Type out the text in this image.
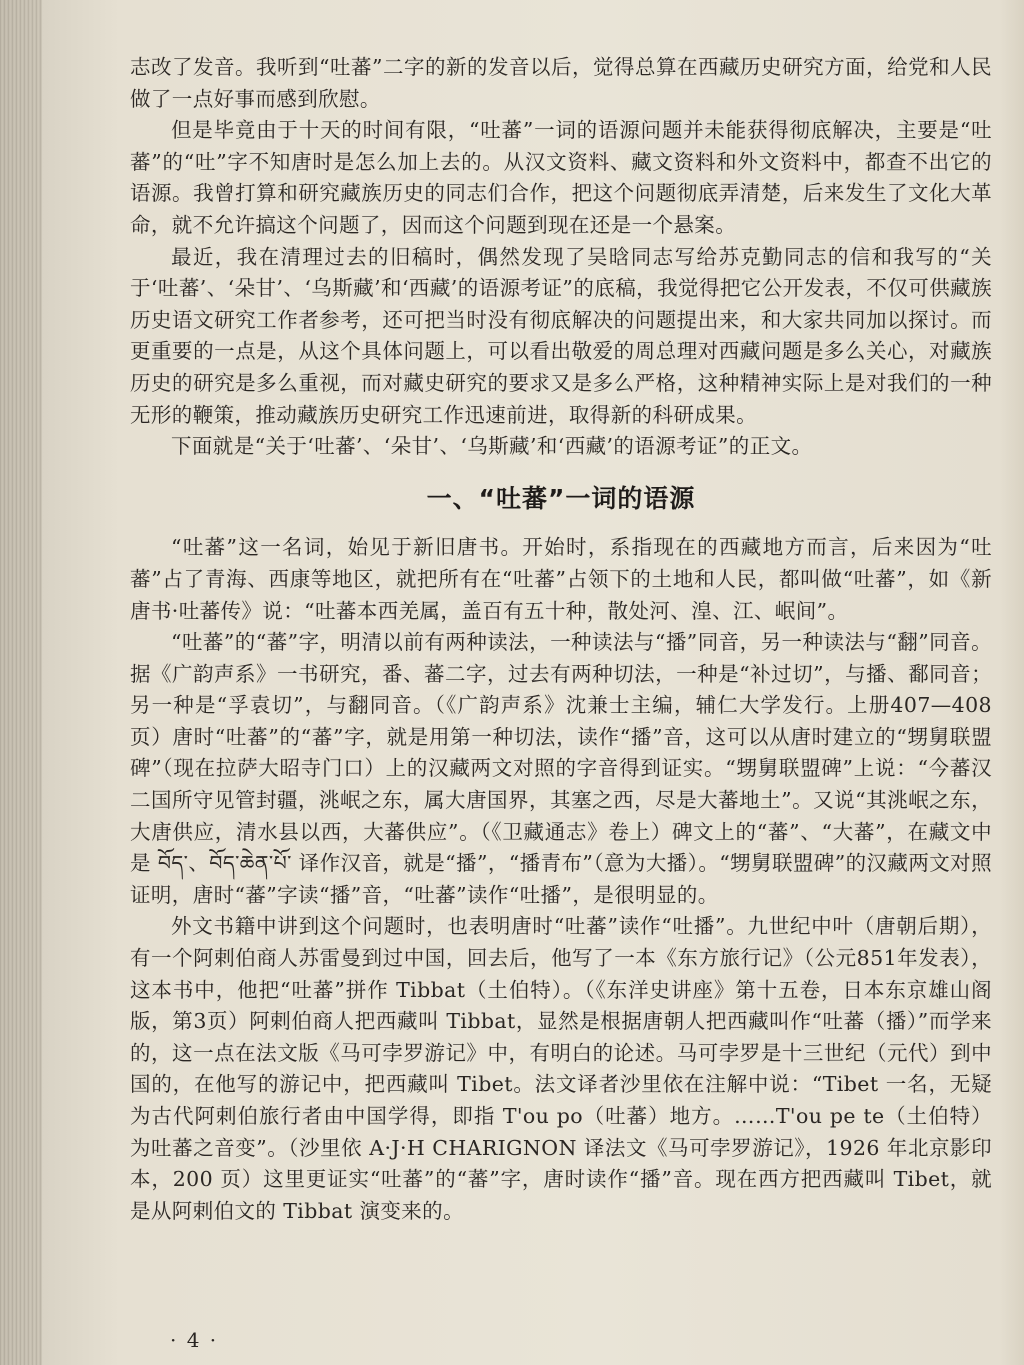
志改了发音。我听到“吐蕃”二字的新的发音以后，觉得总算在西藏历史研究方面，给党和人民做了一点好事而感到欣慰。

但是毕竟由于十天的时间有限，“吐蕃”一词的语源问题并未能获得彻底解决，主要是“吐蕃”的“吐”字不知唐时是怎么加上去的。从汉文资料、藏文资料和外文资料中，都查不出它的语源。我曾打算和研究藏族历史的同志们合作，把这个问题彻底弄清楚，后来发生了文化大革命，就不允许搞这个问题了，因而这个问题到现在还是一个悬案。

最近，我在清理过去的旧稿时，偶然发现了吴晗同志写给苏克勤同志的信和我写的“关于‘吐蕃’、‘朵甘’、‘乌斯藏’和‘西藏’的语源考证”的底稿，我觉得把它公开发表，不仅可供藏族历史语文研究工作者参考，还可把当时没有彻底解决的问题提出来，和大家共同加以探讨。而更重要的一点是，从这个具体问题上，可以看出敬爱的周总理对西藏问题是多么关心，对藏族历史的研究是多么重视，而对藏史研究的要求又是多么严格，这种精神实际上是对我们的一种无形的鞭策，推动藏族历史研究工作迅速前进，取得新的科研成果。

下面就是“关于‘吐蕃’、‘朵甘’、‘乌斯藏’和‘西藏’的语源考证”的正文。

一、“吐蕃”一词的语源

“吐蕃”这一名词，始见于新旧唐书。开始时，系指现在的西藏地方而言，后来因为“吐蕃”占了青海、西康等地区，就把所有在“吐蕃”占领下的土地和人民，都叫做“吐蕃”，如《新唐书·吐蕃传》说：“吐蕃本西羌属，盖百有五十种，散处河、湟、江、岷间”。

“吐蕃”的“蕃”字，明清以前有两种读法，一种读法与“播”同音，另一种读法与“翻”同音。据《广韵声系》一书研究，番、蕃二字，过去有两种切法，一种是“补过切”，与播、鄱同音；另一种是“孚袁切”，与翻同音。（《广韵声系》沈兼士主编，辅仁大学发行。上册407—408页）唐时“吐蕃”的“蕃”字，就是用第一种切法，读作“播”音，这可以从唐时建立的“甥舅联盟碑”（现在拉萨大昭寺门口）上的汉藏两文对照的字音得到证实。“甥舅联盟碑”上说：“今蕃汉二国所守见管封疆，洮岷之东，属大唐国界，其塞之西，尽是大蕃地土”。又说“其洮岷之东，大唐供应，清水县以西，大蕃供应”。（《卫藏通志》卷上）碑文上的“蕃”、“大蕃”，在藏文中是 བོད་、བོད་ཆེན་པོ་ 译作汉音，就是“播”，“播青布”（意为大播）。“甥舅联盟碑”的汉藏两文对照证明，唐时“蕃”字读“播”音，“吐蕃”读作“吐播”，是很明显的。

外文书籍中讲到这个问题时，也表明唐时“吐蕃”读作“吐播”。九世纪中叶（唐朝后期），有一个阿剌伯商人苏雷曼到过中国，回去后，他写了一本《东方旅行记》（公元851年发表），这本书中，他把“吐蕃”拼作 Tibbat（土伯特）。（《东洋史讲座》第十五卷，日本东京雄山阁版，第3页）阿剌伯商人把西藏叫 Tibbat，显然是根据唐朝人把西藏叫作“吐蕃（播）”而学来的，这一点在法文版《马可孛罗游记》中，有明白的论述。马可孛罗是十三世纪（元代）到中国的，在他写的游记中，把西藏叫 Tibet。法文译者沙里依在注解中说：“Tibet 一名，无疑为古代阿剌伯旅行者由中国学得，即指 T'ou po（吐蕃）地方。……T'ou pe te（土伯特）为吐蕃之音变”。（沙里依 A·J·H CHARIGNON 译法文《马可孛罗游记》，1926 年北京影印本，200 页）这里更证实“吐蕃”的“蕃”字，唐时读作“播”音。现在西方把西藏叫 Tibet，就是从阿剌伯文的 Tibbat 演变来的。

· 4 ·
